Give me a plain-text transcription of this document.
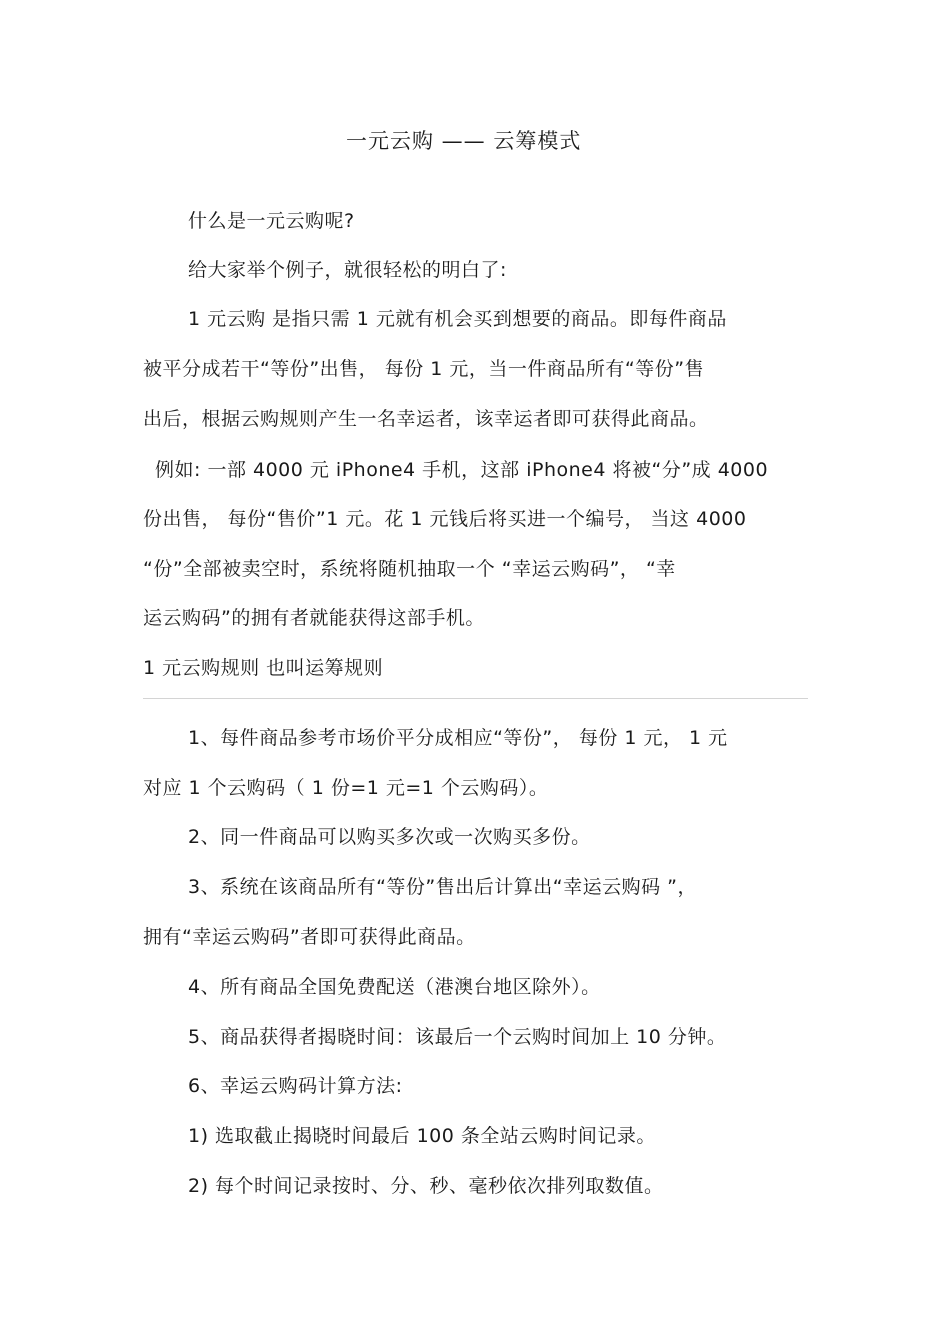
一元云购 —— 云筹模式
什么是一元云购呢?
给大家举个例子，就很轻松的明白了:
1 元云购 是指只需 1 元就有机会买到想要的商品。即每件商品
被平分成若干“等份”出售， 每份 1 元，当一件商品所有“等份”售
出后，根据云购规则产生一名幸运者，该幸运者即可获得此商品。
例如: 一部 4000 元 iPhone4 手机，这部 iPhone4 将被“分”成 4000
份出售， 每份“售价”1 元。花 1 元钱后将买进一个编号， 当这 4000
“份”全部被卖空时，系统将随机抽取一个 “幸运云购码”， “幸
运云购码”的拥有者就能获得这部手机。
1 元云购规则 也叫运筹规则
1、每件商品参考市场价平分成相应“等份”， 每份 1 元， 1 元
对应 1 个云购码（ 1 份=1 元=1 个云购码）。
2、同一件商品可以购买多次或一次购买多份。
3、系统在该商品所有“等份”售出后计算出“幸运云购码 ”，
拥有“幸运云购码”者即可获得此商品。
4、所有商品全国免费配送（港澳台地区除外）。
5、商品获得者揭晓时间：该最后一个云购时间加上 10 分钟。
6、幸运云购码计算方法:
1) 选取截止揭晓时间最后 100 条全站云购时间记录。
2) 每个时间记录按时、分、秒、毫秒依次排列取数值。
